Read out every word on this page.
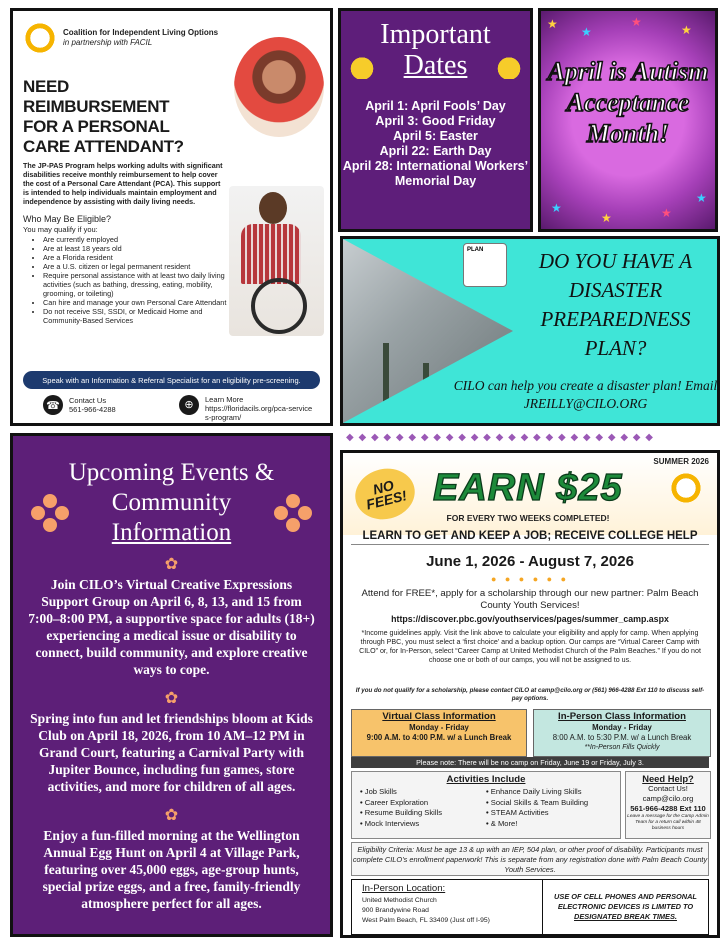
Coalition for Independent Living Options
in partnership with FACIL
NEED REIMBURSEMENT FOR A PERSONAL CARE ATTENDANT?

The JP-PAS Program helps working adults with significant disabilities receive monthly reimbursement to help cover the cost of a Personal Care Attendant (PCA). This support is intended to help individuals maintain employment and independence by assisting with daily living needs.

Who May Be Eligible?
You may qualify if you:
• Are currently employed
• Are at least 18 years old
• Are a Florida resident
• Are a U.S. citizen or legal permanent resident
• Require personal assistance with at least two daily living activities (such as bathing, dressing, eating, mobility, grooming, or toileting)
• Can hire and manage your own Personal Care Attendant
• Do not receive SSI, SSDI, or Medicaid Home and Community-Based Services
Speak with an Information & Referral Specialist for an eligibility pre-screening.
☎	Contact Us
561-966-4288	⊕	Learn More
https://floridacils.org/pca-services-program/
Important
Dates
April 1: April Fools’ Day
April 3: Good Friday
April 5: Easter
April 22: Earth Day
April 28: International Workers’ Memorial Day
★
★
★
★
★
★	★
★
April is Autism Acceptance Month!
PLAN	DO YOU HAVE A DISASTER PREPAREDNESS PLAN?
CILO can help you create a disaster plan! Email JREILLY@CILO.ORG
◆ ◆ ◆ ◆ ◆ ◆ ◆ ◆ ◆ ◆ ◆ ◆ ◆ ◆ ◆ ◆ ◆ ◆ ◆ ◆ ◆ ◆ ◆ ◆ ◆
Upcoming Events &
Community
Information
✿

Join CILO’s Virtual Creative Expressions Support Group on April 6, 8, 13, and 15 from 7:00–8:00 PM, a supportive space for adults (18+) experiencing a medical issue or disability to connect, build community, and explore creative ways to cope.

✿

Spring into fun and let friendships bloom at Kids Club on April 18, 2026, from 10 AM–12 PM in Grand Court, featuring a Carnival Party with Jupiter Bounce, including fun games, store activities, and more for children of all ages.

✿

Enjoy a fun-filled morning at the Wellington Annual Egg Hunt on April 4 at Village Park, featuring over 45,000 eggs, age-group hunts, special prize eggs, and a free, family-friendly atmosphere perfect for all ages.

SUMMER 2026
NO FEES! EARN $25
FOR EVERY TWO WEEKS COMPLETED!
LEARN TO GET AND KEEP A JOB; RECEIVE COLLEGE HELP
June 1, 2026 - August 7, 2026
● ● ● ● ● ●
Attend for FREE*, apply for a scholarship through our new partner: Palm Beach County Youth Services!
https://discover.pbc.gov/youthservices/pages/summer_camp.aspx
*Income guidelines apply. Visit the link above to calculate your eligibility and apply for camp. When applying through PBC, you must select a ‘first choice’ and a backup option. Our camps are “Virtual Career Camp with CILO” or, for In-Person, select “Career Camp at United Methodist Church of the Palm Beaches.” If you do not choose one or both of our camps, you will not be assigned to us.
If you do not qualify for a scholarship, please contact CILO at camp@cilo.org or (561) 966-4288 Ext 110 to discuss self-pay options.
Virtual Class Information
Monday - Friday
9:00 A.M. to 4:00 P.M. w/ a Lunch Break
In-Person Class Information
Monday - Friday
8:00 A.M. to 5:30 P.M. w/ a Lunch Break
**In-Person Fills Quickly
Please note: There will be no camp on Friday, June 19 or Friday, July 3.
Activities Include
• Job Skills
• Career Exploration
• Resume Building Skills
• Mock Interviews
• Enhance Daily Living Skills
• Social Skills & Team Building
• STEAM Activities
• & More!
Need Help?
Contact Us!
camp@cilo.org
561-966-4288 Ext 110
Leave a message for the Camp Admin Team for a return call within 48 business hours
Eligibility Criteria: Must be age 13 & up with an IEP, 504 plan, or other proof of disability. Participants must complete CILO’s enrollment paperwork! This is separate from any registration done with Palm Beach County Youth Services.
In-Person Location:
United Methodist Church
900 Brandywine Road
West Palm Beach, FL 33409 (Just off I-95)
USE OF CELL PHONES AND PERSONAL ELECTRONIC DEVICES IS LIMITED TO DESIGNATED BREAK TIMES.
